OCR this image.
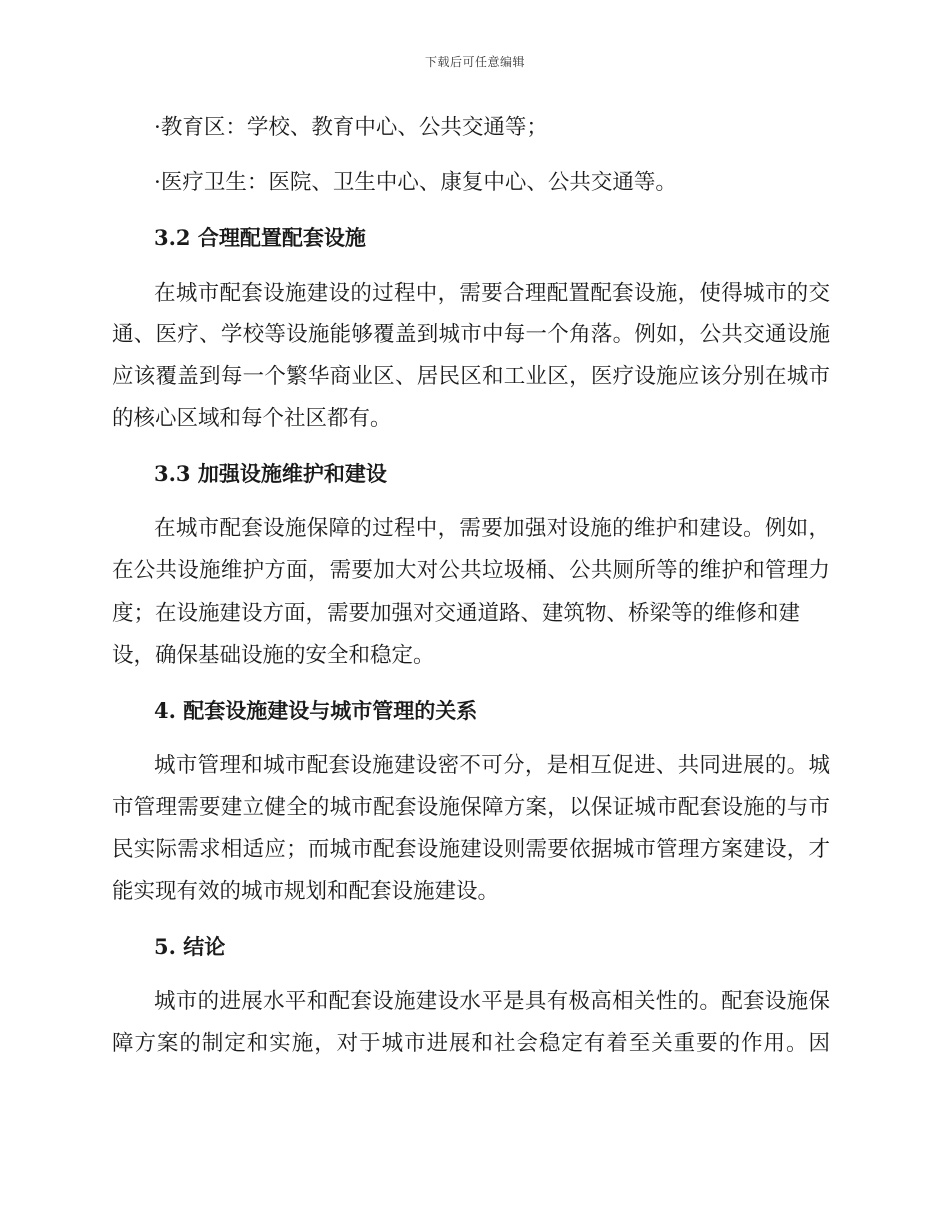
下载后可任意编辑
·教育区：学校、教育中心、公共交通等；
·医疗卫生：医院、卫生中心、康复中心、公共交通等。
3.2 合理配置配套设施
在城市配套设施建设的过程中，需要合理配置配套设施，使得城市的交
通、医疗、学校等设施能够覆盖到城市中每一个角落。例如，公共交通设施
应该覆盖到每一个繁华商业区、居民区和工业区，医疗设施应该分别在城市
的核心区域和每个社区都有。
3.3 加强设施维护和建设
在城市配套设施保障的过程中，需要加强对设施的维护和建设。例如，
在公共设施维护方面，需要加大对公共垃圾桶、公共厕所等的维护和管理力
度；在设施建设方面，需要加强对交通道路、建筑物、桥梁等的维修和建
设，确保基础设施的安全和稳定。
4. 配套设施建设与城市管理的关系
城市管理和城市配套设施建设密不可分，是相互促进、共同进展的。城
市管理需要建立健全的城市配套设施保障方案，以保证城市配套设施的与市
民实际需求相适应；而城市配套设施建设则需要依据城市管理方案建设，才
能实现有效的城市规划和配套设施建设。
5. 结论
城市的进展水平和配套设施建设水平是具有极高相关性的。配套设施保
障方案的制定和实施，对于城市进展和社会稳定有着至关重要的作用。因
